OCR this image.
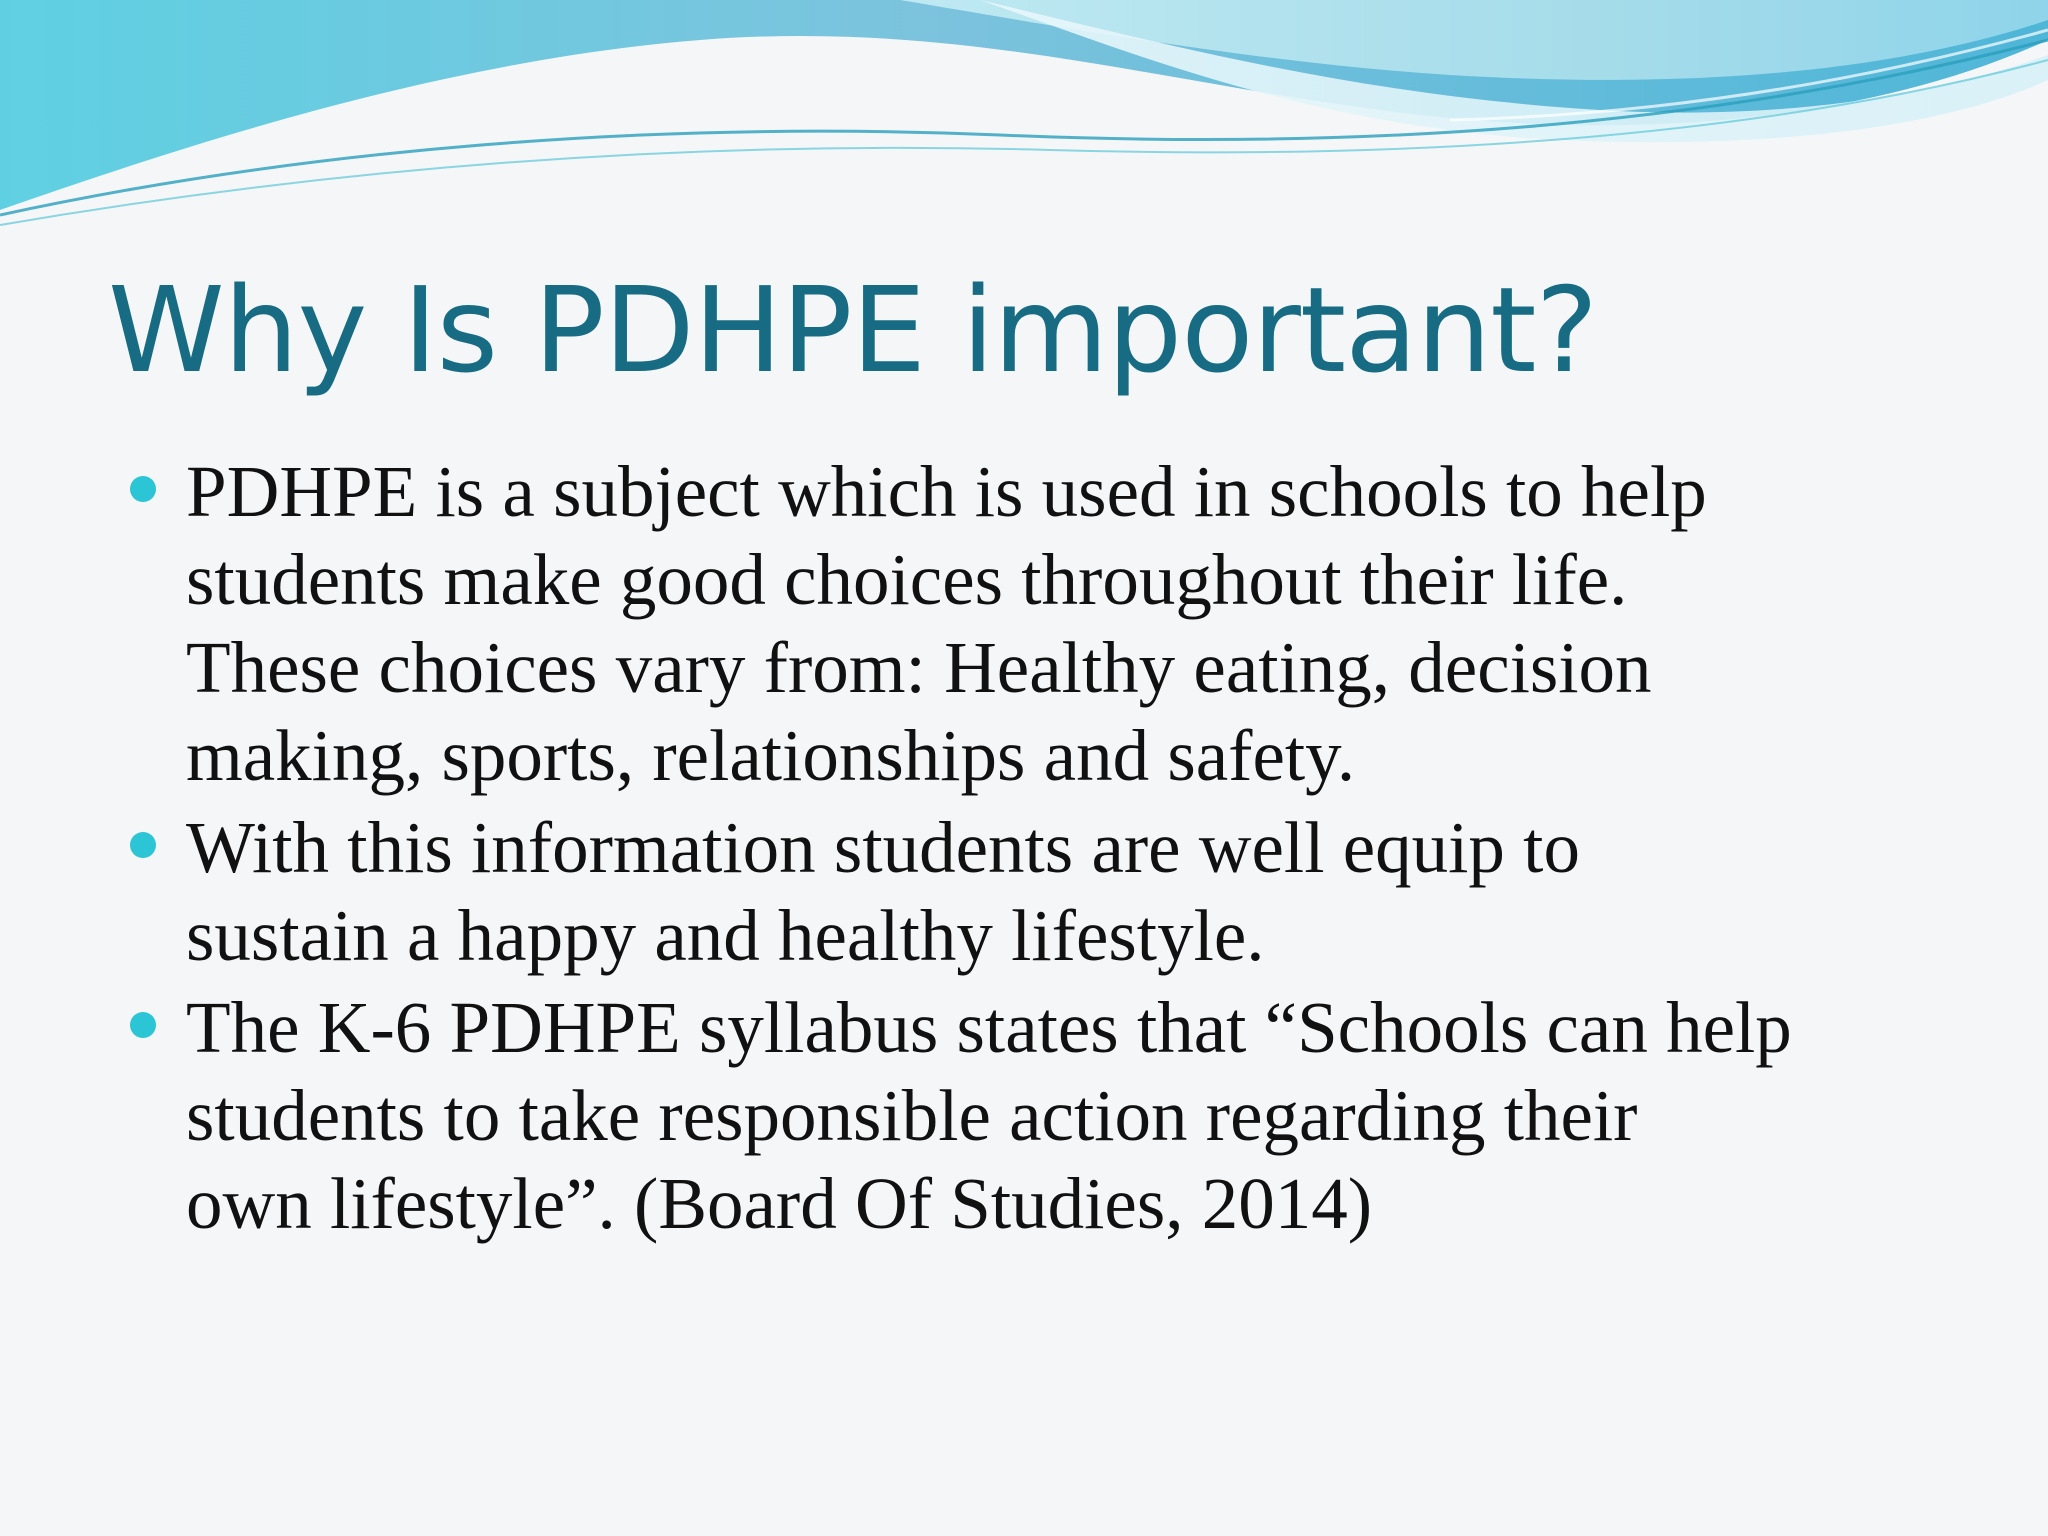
Why Is PDHPE important?
PDHPE is a subject which is used in schools to help
students make good choices throughout their life.
These choices vary from: Healthy eating, decision
making, sports, relationships and safety.
With this information students are well equip to
sustain a happy and healthy lifestyle.
The K-6 PDHPE syllabus states that “Schools can help
students to take responsible action regarding their
own lifestyle”. (Board Of Studies, 2014)
